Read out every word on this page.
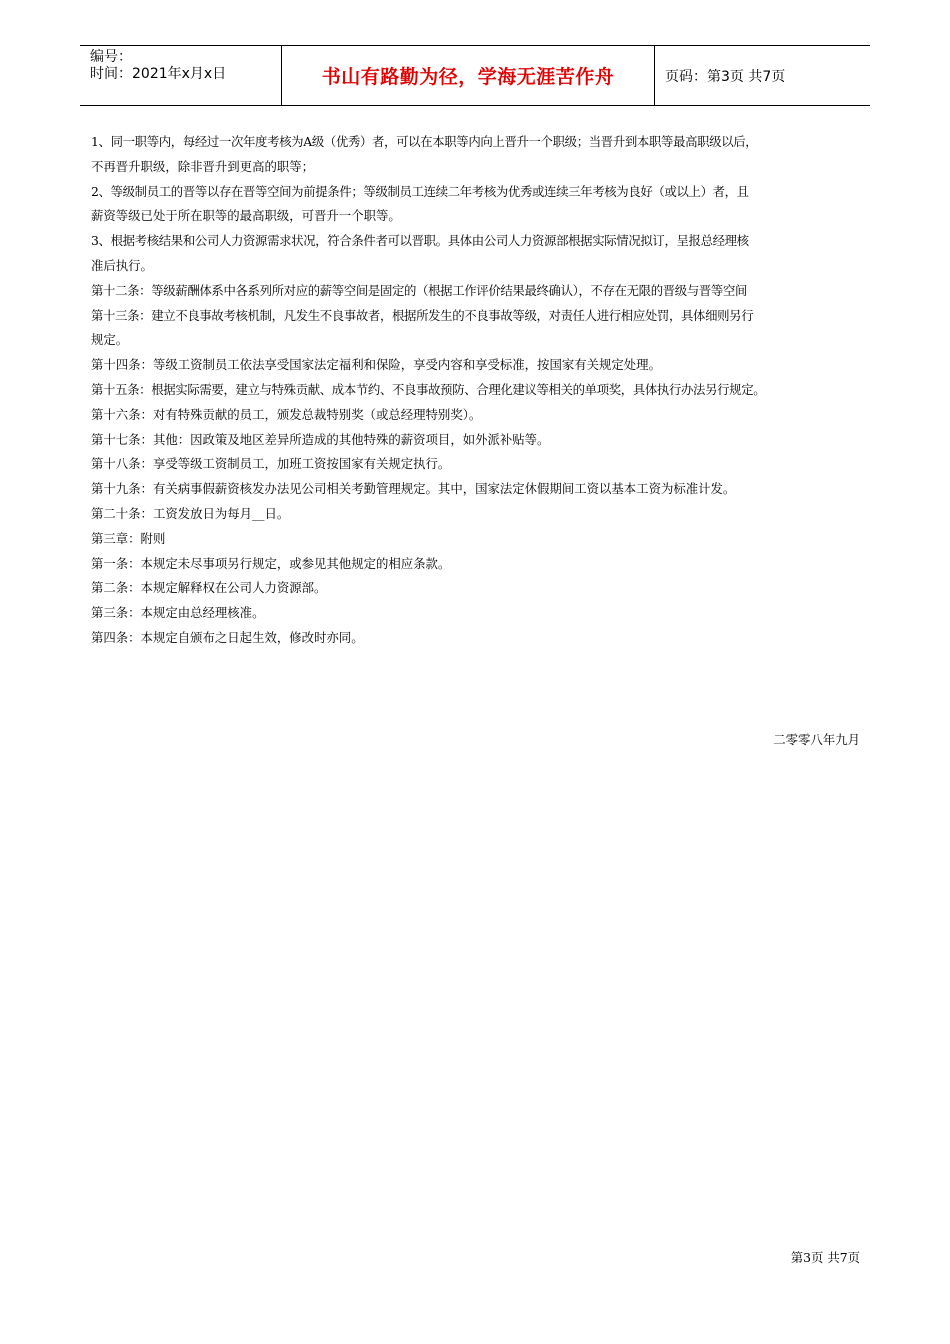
编号：
时间：2021年x月x日	书山有路勤为径，学海无涯苦作舟	页码：第3页 共7页

1、同一职等内，每经过一次年度考核为A级（优秀）者，可以在本职等内向上晋升一个职级；当晋升到本职等最高职级以后，

不再晋升职级，除非晋升到更高的职等；

2、等级制员工的晋等以存在晋等空间为前提条件；等级制员工连续二年考核为优秀或连续三年考核为良好（或以上）者，且

薪资等级已处于所在职等的最高职级，可晋升一个职等。

3、根据考核结果和公司人力资源需求状况，符合条件者可以晋职。具体由公司人力资源部根据实际情况拟订，呈报总经理核

准后执行。

第十二条：等级薪酬体系中各系列所对应的薪等空间是固定的（根据工作评价结果最终确认），不存在无限的晋级与晋等空间

第十三条：建立不良事故考核机制，凡发生不良事故者，根据所发生的不良事故等级，对责任人进行相应处罚，具体细则另行

规定。

第十四条：等级工资制员工依法享受国家法定福利和保险，享受内容和享受标准，按国家有关规定处理。

第十五条：根据实际需要，建立与特殊贡献、成本节约、不良事故预防、合理化建议等相关的单项奖，具体执行办法另行规定。

第十六条：对有特殊贡献的员工，颁发总裁特别奖（或总经理特别奖）。

第十七条：其他：因政策及地区差异所造成的其他特殊的薪资项目，如外派补贴等。

第十八条：享受等级工资制员工，加班工资按国家有关规定执行。

第十九条：有关病事假薪资核发办法见公司相关考勤管理规定。其中，国家法定休假期间工资以基本工资为标准计发。

第二十条：工资发放日为每月__日。

第三章：附则

第一条：本规定未尽事项另行规定，或参见其他规定的相应条款。

第二条：本规定解释权在公司人力资源部。

第三条：本规定由总经理核准。

第四条：本规定自颁布之日起生效，修改时亦同。

二零零八年九月
第3页 共7页
